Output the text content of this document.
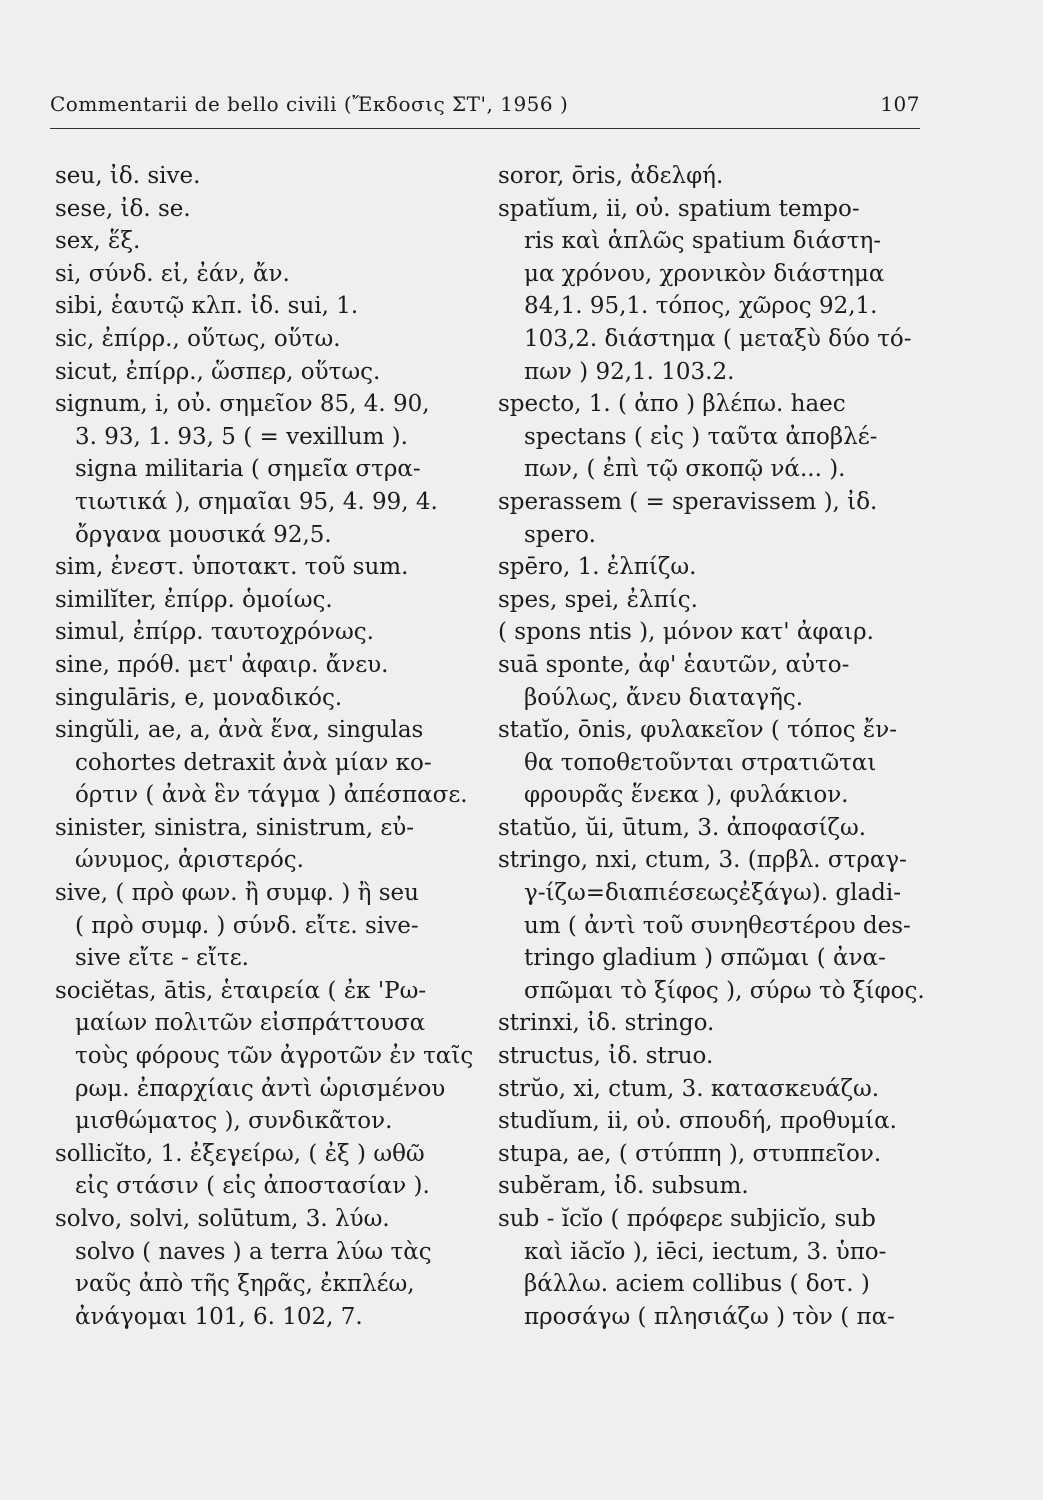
Commentarii de bello civili (Ἔκδοσις ΣΤ', 1956 )	107
seu, ἰδ. sive.
sese, ἰδ. se.
sex, ἕξ.
si, σύνδ. εἰ, ἐάν, ἄν.
sibi, ἑαυτῷ κλπ. ἰδ. sui, 1.
sic, ἐπίρρ., οὕτως, οὕτω.
sicut, ἐπίρρ., ὥσπερ, οὕτως.
signum, i, οὐ. σημεῖον 85, 4. 90,
3. 93, 1. 93, 5 ( = vexillum ).
signa militaria ( σημεῖα στρα-
τιωτικά ), σημαῖαι 95, 4. 99, 4.
ὄργανα μουσικά 92,5.
sim, ἐνεστ. ὑποτακτ. τοῦ sum.
similĭter, ἐπίρρ. ὁμοίως.
simul, ἐπίρρ. ταυτοχρόνως.
sine, πρόθ. μετ' ἀφαιρ. ἄνευ.
singulāris, e, μοναδικός.
singŭli, ae, a, ἀνὰ ἕνα, singulas
cohortes detraxit ἀνὰ μίαν κο-
όρτιν ( ἀνὰ ἓν τάγμα ) ἀπέσπασε.
sinister, sinistra, sinistrum, εὐ-
ώνυμος, ἀριστερός.
sive, ( πρὸ φων. ἢ συμφ. ) ἢ seu
( πρὸ συμφ. ) σύνδ. εἴτε. sive-
sive εἴτε - εἴτε.
sociĕtas, ātis, ἑταιρεία ( ἐκ 'Ρω-
μαίων πολιτῶν εἰσπράττουσα
τοὺς φόρους τῶν ἀγροτῶν ἐν ταῖς
ρωμ. ἐπαρχίαις ἀντὶ ὡρισμένου
μισθώματος ), συνδικᾶτον.
sollicĭto, 1. ἐξεγείρω, ( ἐξ ) ωθῶ
εἰς στάσιν ( εἰς ἀποστασίαν ).
solvo, solvi, solūtum, 3. λύω.
solvo ( naves ) a terra λύω τὰς
ναῦς ἀπὸ τῆς ξηρᾶς, ἐκπλέω,
ἀνάγομαι 101, 6. 102, 7.
soror, ōris, ἀδελφή.
spatĭum, ii, οὐ. spatium tempo-
ris καὶ ἁπλῶς spatium διάστη-
μα χρόνου, χρονικὸν διάστημα
84,1. 95,1. τόπος, χῶρος 92,1.
103,2. διάστημα ( μεταξὺ δύο τό-
πων ) 92,1. 103.2.
specto, 1. ( ἀπο ) βλέπω. haec
spectans ( εἰς ) ταῦτα ἀποβλέ-
πων, ( ἐπὶ τῷ σκοπῷ νά... ).
sperassem ( = speravissem ), ἰδ.
spero.
spēro, 1. ἐλπίζω.
spes, spei, ἐλπίς.
( spons ntis ), μόνον κατ' ἀφαιρ.
suā sponte, ἀφ' ἑαυτῶν, αὐτο-
βούλως, ἄνευ διαταγῆς.
statĭo, ōnis, φυλακεῖον ( τόπος ἔν-
θα τοποθετοῦνται στρατιῶται
φρουρᾶς ἕνεκα ), φυλάκιον.
statŭo, ŭi, ūtum, 3. ἀποφασίζω.
stringo, nxi, ctum, 3. (πρβλ. στραγ-
γ-ίζω=διαπιέσεωςἐξάγω). gladi-
um ( ἀντὶ τοῦ συνηθεστέρου des-
tringo gladium ) σπῶμαι ( ἀνα-
σπῶμαι τὸ ξίφος ), σύρω τὸ ξίφος.
strinxi, ἰδ. stringo.
structus, ἰδ. struo.
strŭo, xi, ctum, 3. κατασκευάζω.
studĭum, ii, οὐ. σπουδή, προθυμία.
stupa, ae, ( στύππη ), στυππεῖον.
subĕram, ἰδ. subsum.
sub - ĭcĭo ( πρόφερε subjicĭo, sub
καὶ iăcĭo ), iēci, iectum, 3. ὑπο-
βάλλω. aciem collibus ( δοτ. )
προσάγω ( πλησιάζω ) τὸν ( πα-
